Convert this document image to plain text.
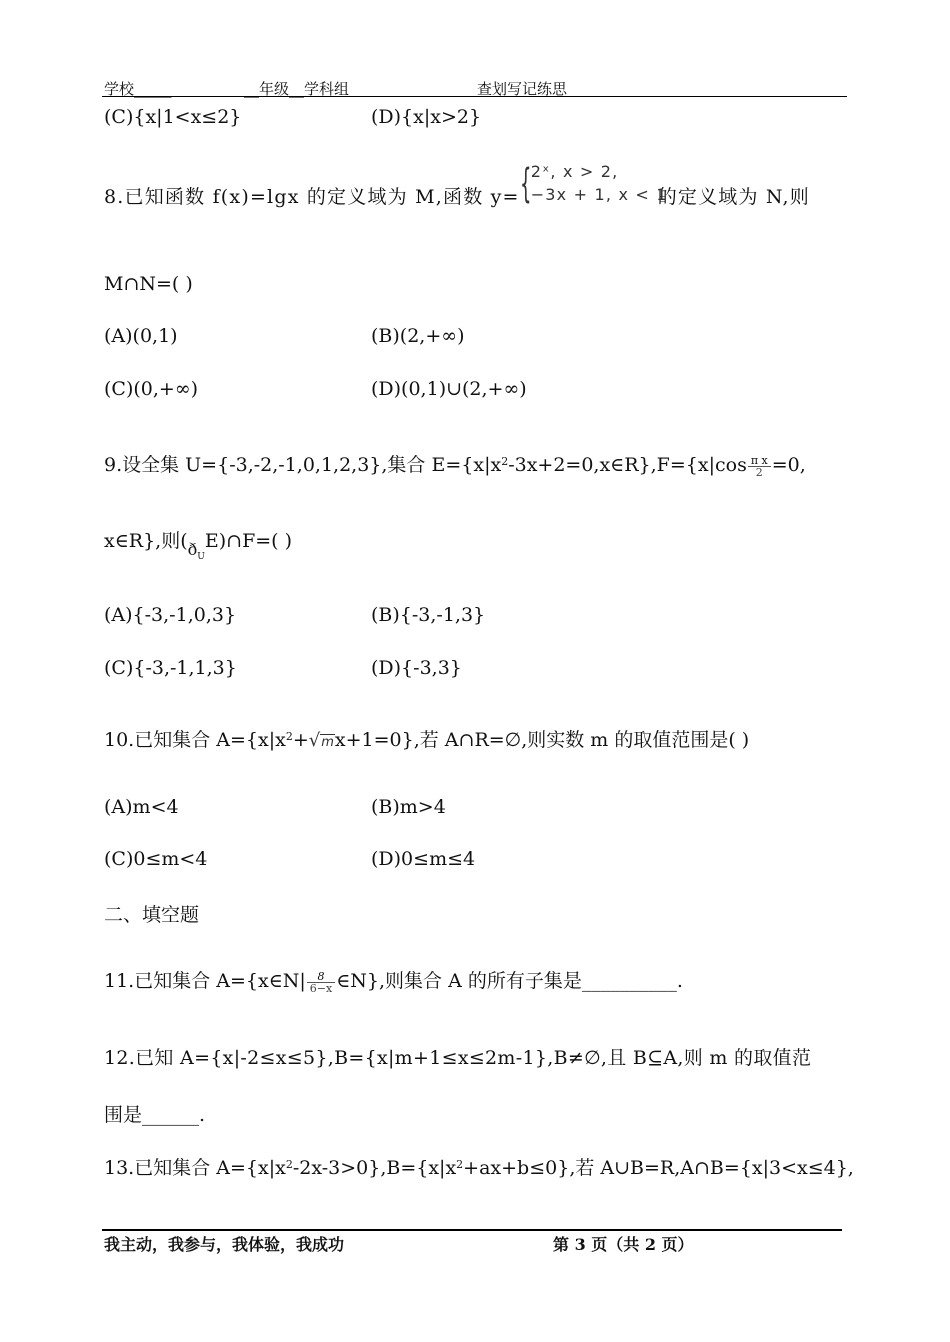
学校_____	__年级__学科组	查划写记练思
(C){x|1<x≤2}	(D){x|x>2}
8.已知函数 f(x)=lgx 的定义域为 M,函数 y= { 2ˣ, x > 2,
−3x + 1, x < 1
的定义域为 N,则
M∩N=( )
(A)(0,1)	(B)(2,+∞)
(C)(0,+∞)	(D)(0,1)∪(2,+∞)
9.设全集 U={-3,-2,-1,0,1,2,3},集合 $E=\{x|x^2-3x+2=0,x\in R\},F=\{x|\cos \frac{\text{π x}}{2} =0$,
x∈R},则$(ð_UE)\cap F=$( )
(A){-3,-1,0,3}	(B){-3,-1,3}
(C){-3,-1,1,3}	(D){-3,3}
10.已知集合 $A=\{x|x^2+√mx+1=0\}$,若 A∩R=∅,则实数 m 的取值范围是( )
(A)m<4	(B)m>4
(C)0≤m<4	(D)0≤m≤4
二、填空题
11.已知集合 A={x∈N| $\frac{8}{6-x}$ ∈N},则集合 A 的所有子集是__________.
12.已知 A={x|-2≤x≤5},B={x|m+1≤x≤2m-1},B≠∅,且 B⊆A,则 m 的取值范
围是______.
13.已知集合 $A=\{x|x^2-2x-3>0\},B=\{x|x^2+ax+b\le 0\}$,若 A∪B=R,A∩B={x|3<x≤4},
我主动，我参与，我体验，我成功	第 3 页（共 2 页）
